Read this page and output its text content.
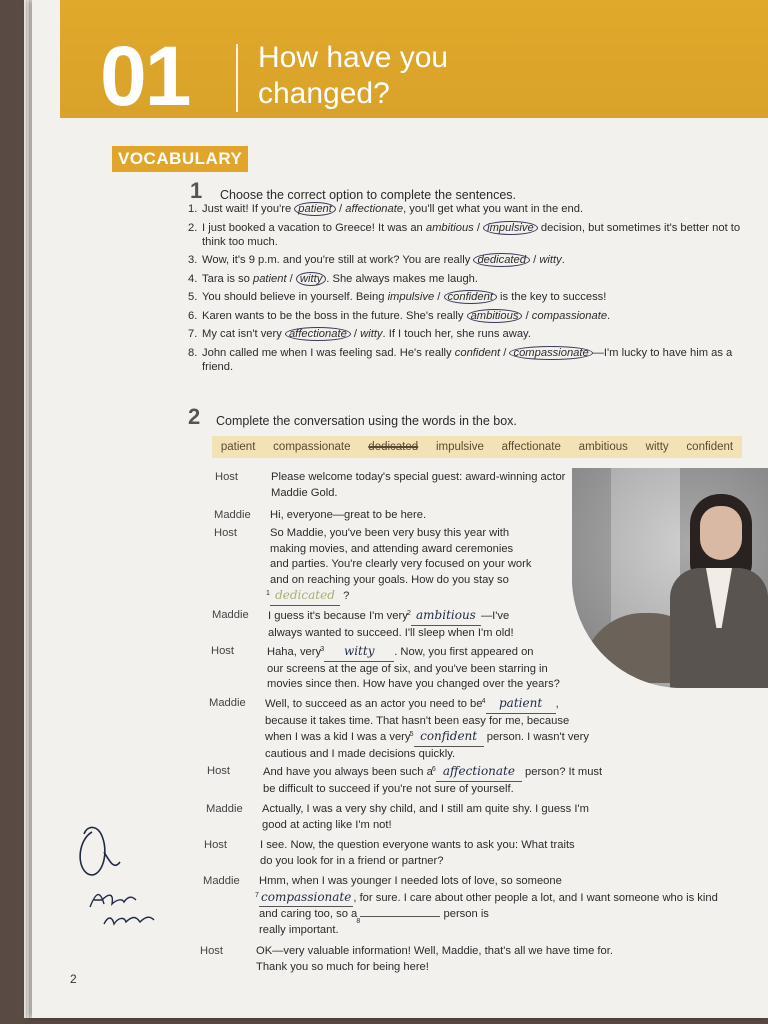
01 How have you changed?
VOCABULARY
1 Choose the correct option to complete the sentences.
1. Just wait! If you're patient / affectionate, you'll get what you want in the end.
2. I just booked a vacation to Greece! It was an ambitious / impulsive decision, but sometimes it's better not to think too much.
3. Wow, it's 9 p.m. and you're still at work? You are really dedicated / witty.
4. Tara is so patient / witty . She always makes me laugh.
5. You should believe in yourself. Being impulsive / confident is the key to success!
6. Karen wants to be the boss in the future. She's really ambitious / compassionate.
7. My cat isn't very affectionate / witty. If I touch her, she runs away.
8. John called me when I was feeling sad. He's really confident / compassionate —I'm lucky to have him as a friend.
2 Complete the conversation using the words in the box.
patient compassionate dedicated impulsive affectionate ambitious witty confident
Host	Please welcome today's special guest: award-winning actor
Maddie Gold.
Maddie	Hi, everyone—great to be here.
Host	So Maddie, you've been very busy this year with
making movies, and attending award ceremonies
and parties. You're clearly very focused on your work
and on reaching your goals. How do you stay so

1 dedicated ?
Maddie	I guess it's because I'm very 2 ambitious —I've
always wanted to succeed. I'll sleep when I'm old!
Host	Haha, very 3 witty . Now, you first appeared on
our screens at the age of six, and you've been starring in
movies since then. How have you changed over the years?
Maddie	Well, to succeed as an actor you need to be 4 patient ,
because it takes time. That hasn't been easy for me, because
when I was a kid I was a very 5 confident person. I wasn't very
cautious and I made decisions quickly.
Host	And have you always been such a 6 affectionate person? It must
be difficult to succeed if you're not sure of yourself.
Maddie	Actually, I was a very shy child, and I still am quite shy. I guess I'm
good at acting like I'm not!
Host	I see. Now, the question everyone wants to ask you: What traits
do you look for in a friend or partner?
Maddie	Hmm, when I was younger I needed lots of love, so someone

7 compassionate , for sure. I care about other people a lot, and I want someone who is kind
and caring too, so a
8
person is
really important.
Host	OK—very valuable information! Well, Maddie, that's all we have time for.
Thank you so much for being here!
2
